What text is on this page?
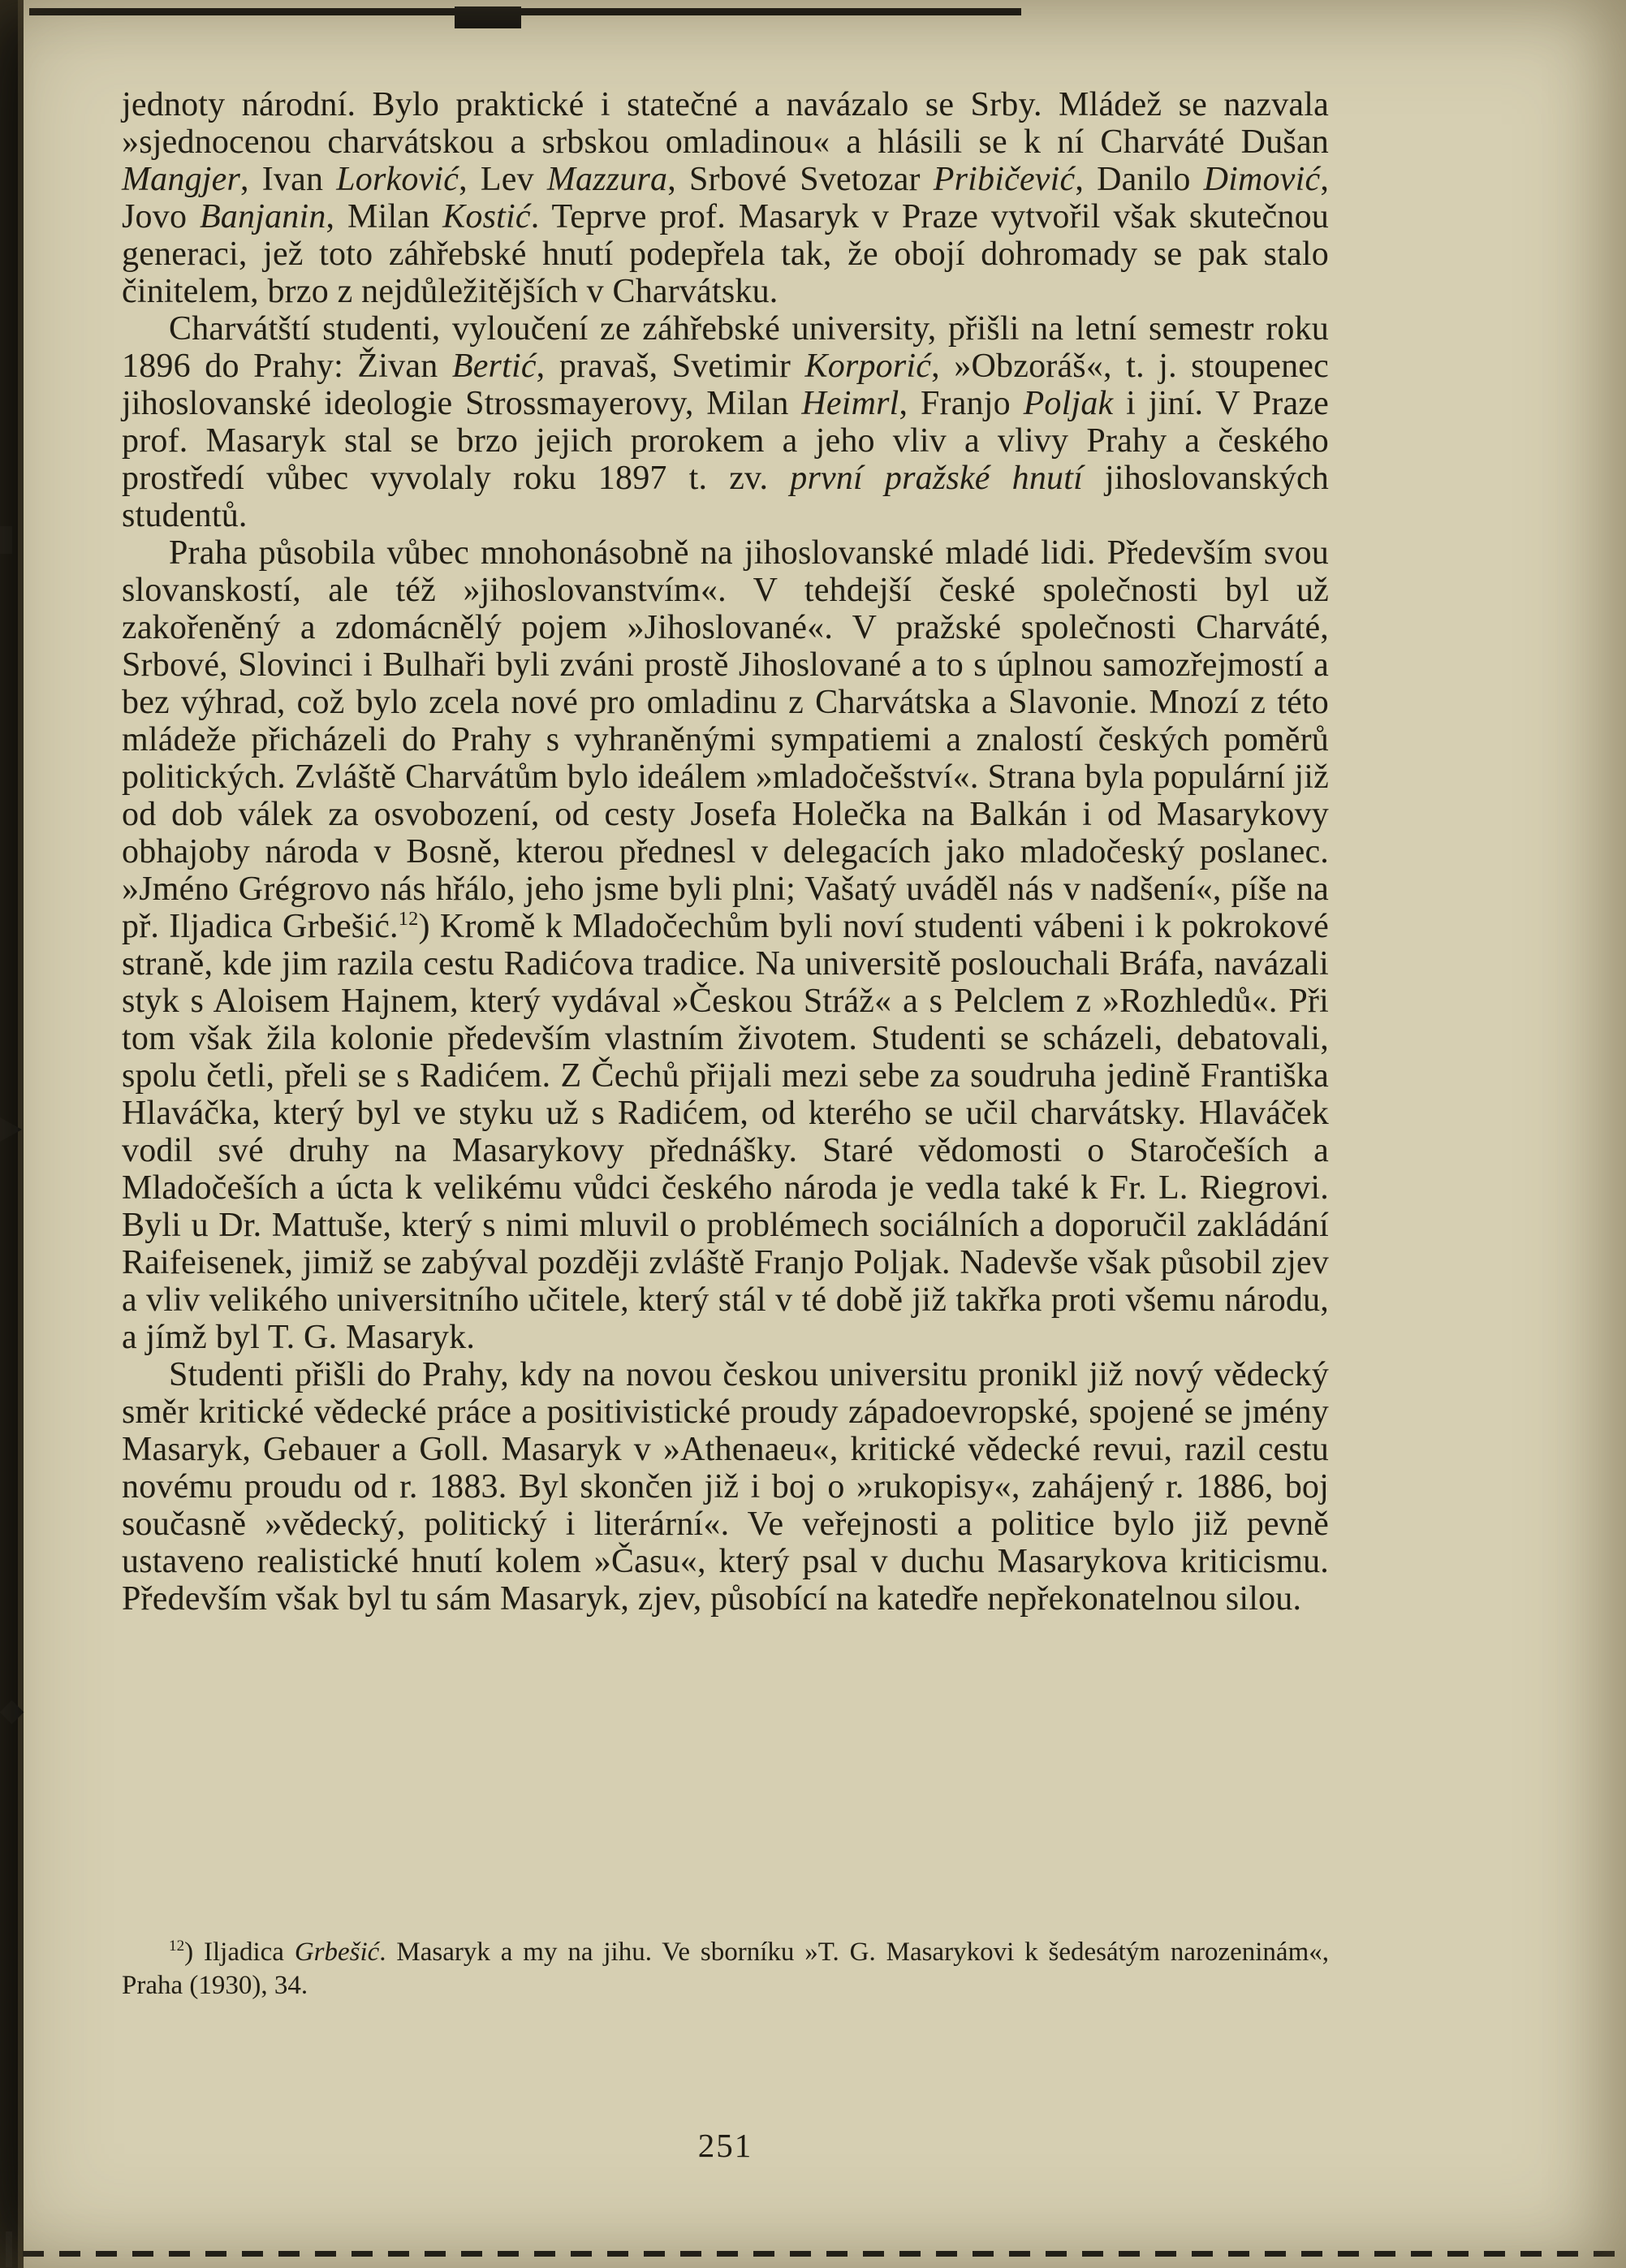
jednoty národní. Bylo praktické i statečné a navázalo se Srby. Mládež se nazvala »sjednocenou charvátskou a srbskou omladinou« a hlásili se k ní Charváté Dušan Mangjer, Ivan Lorković, Lev Mazzura, Srbové Svetozar Pribičević, Danilo Dimović, Jovo Banjanin, Milan Kostić. Teprve prof. Masaryk v Praze vytvořil však skutečnou generaci, jež toto záhřebské hnutí podepřela tak, že obojí dohromady se pak stalo činitelem, brzo z nejdůležitějších v Charvátsku.

Charvátští studenti, vyloučení ze záhřebské university, přišli na letní semestr roku 1896 do Prahy: Živan Bertić, pravaš, Svetimir Korporić, »Obzoráš«, t. j. stoupenec jihoslovanské ideologie Strossmayerovy, Milan Heimrl, Franjo Poljak i jiní. V Praze prof. Masaryk stal se brzo jejich prorokem a jeho vliv a vlivy Prahy a českého prostředí vůbec vyvolaly roku 1897 t. zv. první pražské hnutí jihoslovanských studentů.

Praha působila vůbec mnohonásobně na jihoslovanské mladé lidi. Především svou slovanskostí, ale též »jihoslovanstvím«. V tehdejší české společnosti byl už zakořeněný a zdomácnělý pojem »Jihoslované«. V pražské společnosti Charváté, Srbové, Slovinci i Bulhaři byli zváni prostě Jihoslované a to s úplnou samozřejmostí a bez výhrad, což bylo zcela nové pro omladinu z Charvátska a Slavonie. Mnozí z této mládeže přicházeli do Prahy s vyhraněnými sympatiemi a znalostí českých poměrů politických. Zvláště Charvátům bylo ideálem »mladočešství«. Strana byla populární již od dob válek za osvobození, od cesty Josefa Holečka na Balkán i od Masarykovy obhajoby národa v Bosně, kterou přednesl v delegacích jako mladočeský poslanec. »Jméno Grégrovo nás hřálo, jeho jsme byli plni; Vašatý uváděl nás v nadšení«, píše na př. Iljadica Grbešić.$^{12}$) Kromě k Mladočechům byli noví studenti vábeni i k pokrokové straně, kde jim razila cestu Radićova tradice. Na universitě poslouchali Bráfa, navázali styk s Aloisem Hajnem, který vydával »Českou Stráž« a s Pelclem z »Rozhledů«. Při tom však žila kolonie především vlastním životem. Studenti se scházeli, debatovali, spolu četli, přeli se s Radićem. Z Čechů přijali mezi sebe za soudruha jedině Františka Hlaváčka, který byl ve styku už s Radićem, od kterého se učil charvátsky. Hlaváček vodil své druhy na Masarykovy přednášky. Staré vědomosti o Staročeších a Mladočeších a úcta k velikému vůdci českého národa je vedla také k Fr. L. Riegrovi. Byli u Dr. Mattuše, který s nimi mluvil o problémech sociálních a doporučil zakládání Raifeisenek, jimiž se zabýval později zvláště Franjo Poljak. Nadevše však působil zjev a vliv velikého universitního učitele, který stál v té době již takřka proti všemu národu, a jímž byl T. G. Masaryk.

Studenti přišli do Prahy, kdy na novou českou universitu pronikl již nový vědecký směr kritické vědecké práce a positivistické proudy západoevropské, spojené se jmény Masaryk, Gebauer a Goll. Masaryk v »Athenaeu«, kritické vědecké revui, razil cestu novému proudu od r. 1883. Byl skončen již i boj o »rukopisy«, zahájený r. 1886, boj současně »vědecký, politický i literární«. Ve veřejnosti a politice bylo již pevně ustaveno realistické hnutí kolem »Času«, který psal v duchu Masarykova kriticismu. Především však byl tu sám Masaryk, zjev, působící na katedře nepřekonatelnou silou.

$^{12}$) Iljadica Grbešić. Masaryk a my na jihu. Ve sborníku »T. G. Masarykovi k šedesátým narozeninám«, Praha (1930), 34.

251
